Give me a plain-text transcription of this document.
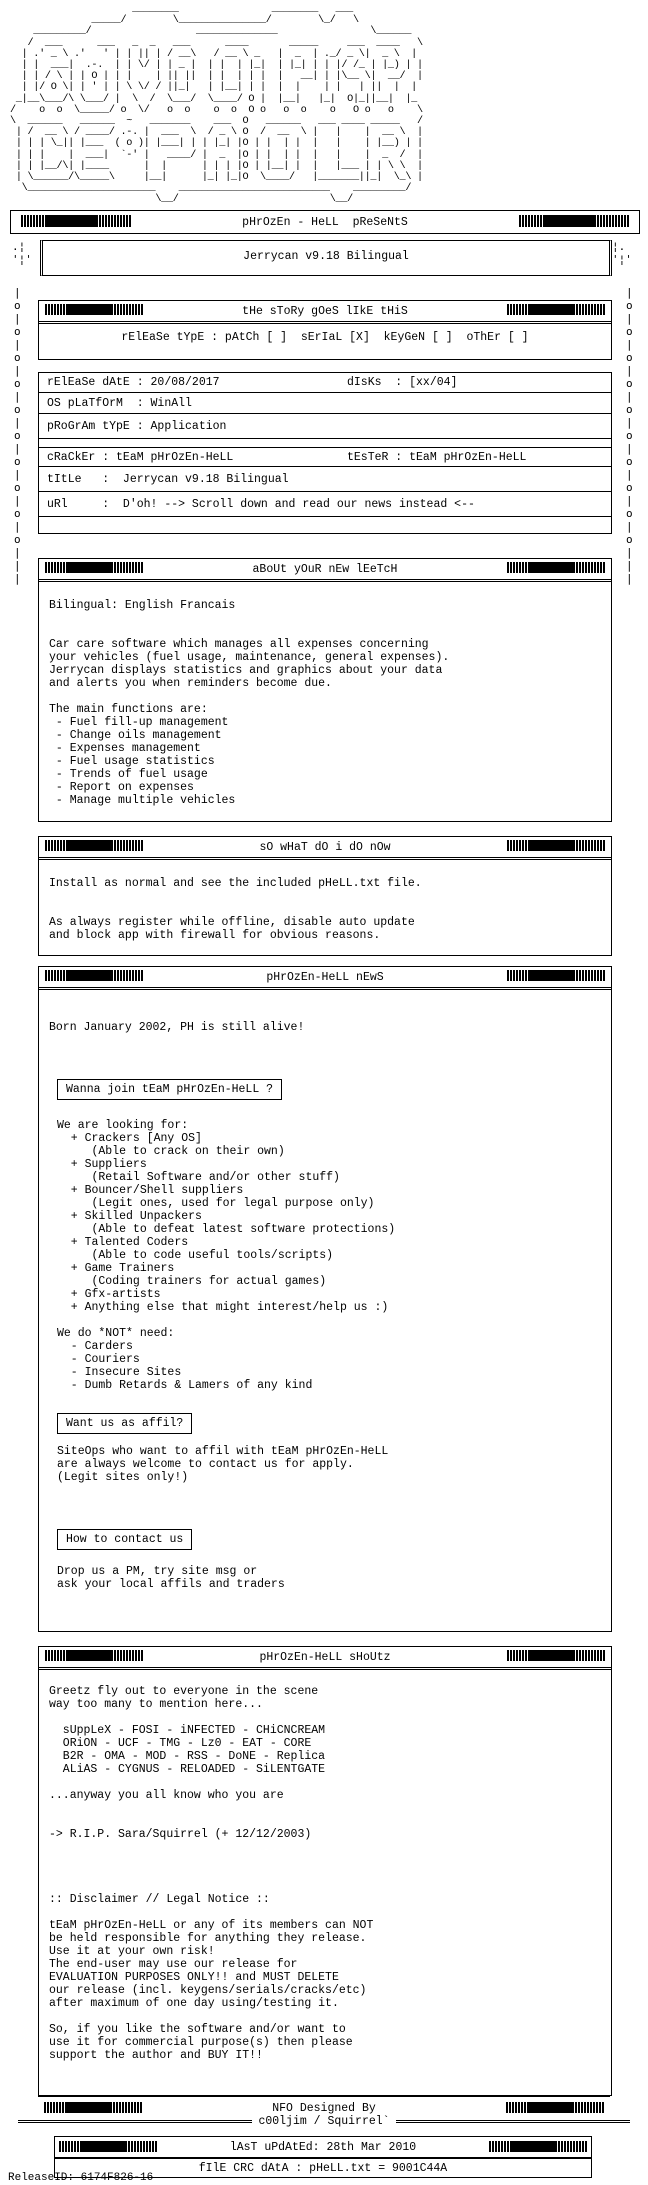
________                ________   ___
_____/        \_______________/        \_/   \
_________/                  ______________                \______
/  ___      ___   _  _   ___      ____       _____     ___  ____   \
| .' _ \ .'   ' | | || | / __\   / __ \ _   |  _  | ._/ _ \|  _ \  |
| |  ___|  .-.  | | \/ | | _ |  | |  | |_|  | |_| | | |/ /_ | |_) | |
| | / \ | | O | | |    | || ||  | |  | | |  |   __| | |\__ \|  __/  |
| |/ O \| | ' | | \ \/ / ||_|   | |__| | |  |  |    | |   | ||  |  |
_|__\___/\ \___/ |  \  /  \___/  \____/ O |  |__|   |_|  O|_||__|  |_
/    o  o  \_____/ o  \/   o  o    o  o  O o   o  o    o   O o   o    \
\  ______   ______  ~   _______    ___  O   ______   ___ ____ _____   /
| /  __ \ / ____/ .-. |  ___  \  / _ \ O  /  __  \ |   |    |  __ \  |
| | | \_|| |___  ( o )| |___| | | |_| |O | |  | |  |   |    | |__) | |
| | |    |  ___|  `-' |   ____/ |  _  |O | |  | |  |   |    |  _  /  |
| | |__/\| |____      |  |      | | | |O | |__| |  |   |___ | | \ \  |
| \______/\_____\     |__|      |_| |_|O  \____/   |_______||_|  \_\ |
\______________________    __________________________    _________/
\__/                          \__/
pHrOzEn - HeLL  pReSeNtS
Jerrycan v9.18 Bilingual
.¦
'¦'
¦.
'¦'
tHe sToRy gOeS lIkE tHiS
rElEaSe tYpE : pAtCh [ ]  sErIaL [X]  kEyGeN [ ]  oThEr [ ]
|
o
|
o
|
o
|
o
|
o
|
o
|
o
|
o
|
o
|
o
|
|
|
|
o
|
o
|
o
|
o
|
o
|
o
|
o
|
o
|
o
|
o
|
|
|
rElEaSe dAtE : 20/08/2017	dIsKs  : [xx/04]
OS pLaTfOrM  : WinAll
pRoGrAm tYpE : Application
cRaCkEr : tEaM pHrOzEn-HeLL	tEsTeR : tEaM pHrOzEn-HeLL
tItLe   :  Jerrycan v9.18 Bilingual
uRl     :  D'oh! --> Scroll down and read our news instead <--
aBoUt yOuR nEw lEeTcH
Bilingual: English Francais

Car care software which manages all expenses concerning
your vehicles (fuel usage, maintenance, general expenses).
Jerrycan displays statistics and graphics about your data
and alerts you when reminders become due.

The main functions are:
- Fuel fill-up management
- Change oils management
- Expenses management
- Fuel usage statistics
- Trends of fuel usage
- Report on expenses
- Manage multiple vehicles
sO wHaT dO i dO nOw
Install as normal and see the included pHeLL.txt file.

As always register while offline, disable auto update
and block app with firewall for obvious reasons.
pHrOzEn-HeLL nEwS
Born January 2002, PH is still alive!
Wanna join tEaM pHrOzEn-HeLL ?
We are looking for:
+ Crackers [Any OS]
(Able to crack on their own)
+ Suppliers
(Retail Software and/or other stuff)
+ Bouncer/Shell suppliers
(Legit ones, used for legal purpose only)
+ Skilled Unpackers
(Able to defeat latest software protections)
+ Talented Coders
(Able to code useful tools/scripts)
+ Game Trainers
(Coding trainers for actual games)
+ Gfx-artists
+ Anything else that might interest/help us :)

We do *NOT* need:
- Carders
- Couriers
- Insecure Sites
- Dumb Retards & Lamers of any kind
Want us as affil?
SiteOps who want to affil with tEaM pHrOzEn-HeLL
are always welcome to contact us for apply.
(Legit sites only!)
How to contact us
Drop us a PM, try site msg or
ask your local affils and traders
pHrOzEn-HeLL sHoUtz
Greetz fly out to everyone in the scene
way too many to mention here...

sUppLeX - FOSI - iNFECTED - CHiCNCREAM
ORiON - UCF - TMG - Lz0 - EAT - CORE
B2R - OMA - MOD - RSS - DoNE - Replica
ALiAS - CYGNUS - RELOADED - SiLENTGATE

...anyway you all know who you are

-> R.I.P. Sara/Squirrel (+ 12/12/2003)

:: Disclaimer // Legal Notice ::

tEaM pHrOzEn-HeLL or any of its members can NOT
be held responsible for anything they release.
Use it at your own risk!
The end-user may use our release for
EVALUATION PURPOSES ONLY!! and MUST DELETE
our release (incl. keygens/serials/cracks/etc)
after maximum of one day using/testing it.

So, if you like the software and/or want to
use it for commercial purpose(s) then please
support the author and BUY IT!!
NFO Designed By
c00ljim / Squirrel`
lAsT uPdAtEd: 28th Mar 2010
fIlE CRC dAtA : pHeLL.txt = 9001C44A
ReleaseID: 6174F826-16
